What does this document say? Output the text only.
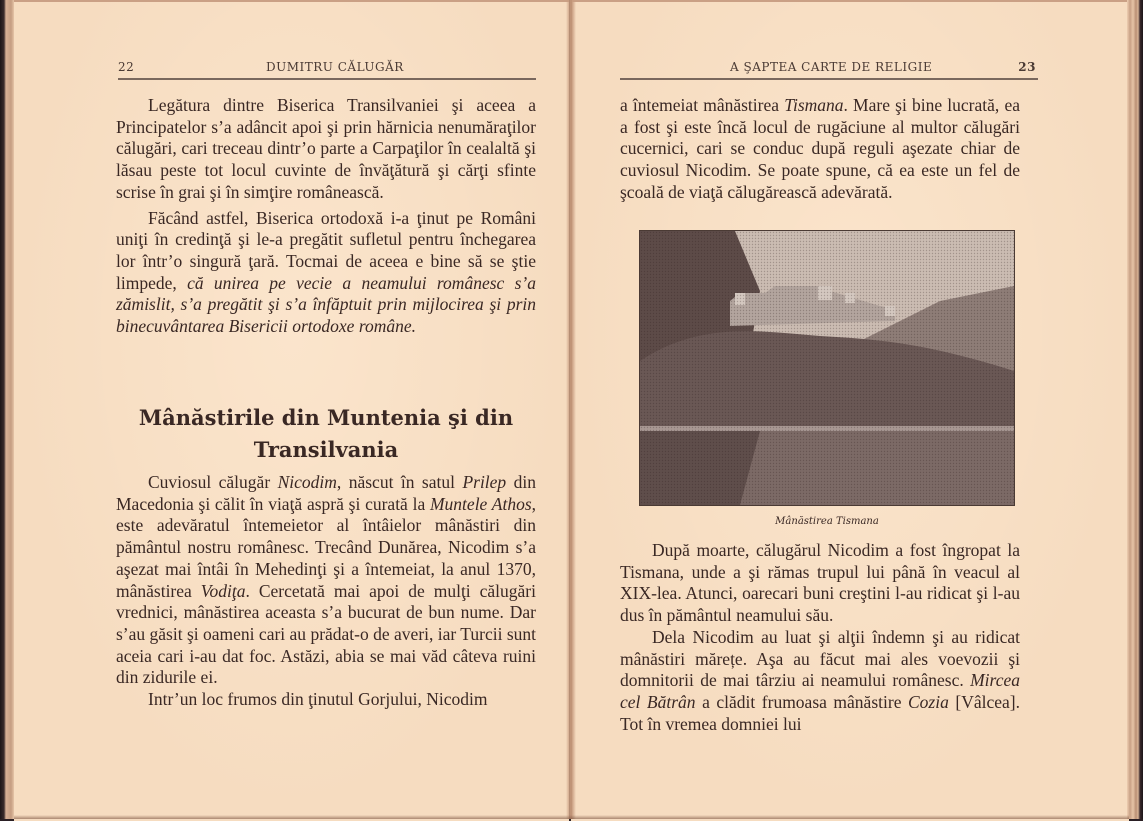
22	DUMITRU CĂLUGĂR	A ŞAPTEA CARTE DE RELIGIE	23

Legătura dintre Biserica Transilvaniei şi aceea a Principatelor s’a adâncit apoi şi prin hărnicia nenumăraţilor călugări, cari treceau dintr’o parte a Carpaţilor în cealaltă şi lăsau peste tot locul cuvinte de învăţătură şi cărţi sfinte scrise în grai şi în simţire românească.

Făcând astfel, Biserica ortodoxă i-a ţinut pe Români uniţi în credinţă şi le-a pregătit sufletul pentru închegarea lor într’o singură ţară. Tocmai de aceea e bine să se ştie limpede, că unirea pe vecie a neamului românesc s’a zămislit, s’a pregătit şi s’a înfăptuit prin mijlocirea şi prin binecuvântarea Bisericii ortodoxe române.

Mânăstirile din Muntenia şi din Transilvania

Cuviosul călugăr Nicodim, născut în satul Prilep din Macedonia şi călit în viaţă aspră şi curată la Muntele Athos, este adevăratul întemeietor al întâielor mânăstiri din pământul nostru românesc. Trecând Dunărea, Nicodim s’a aşezat mai întâi în Mehedinţi şi a întemeiat, la anul 1370, mânăstirea Vodiţa. Cercetată mai apoi de mulţi călugări vrednici, mânăstirea aceasta s’a bucurat de bun nume. Dar s’au găsit şi oameni cari au prădat-o de averi, iar Turcii sunt aceia cari i-au dat foc. Astăzi, abia se mai văd câteva ruini din zidurile ei.

Intr’un loc frumos din ţinutul Gorjului, Nicodim

a întemeiat mânăstirea Tismana. Mare şi bine lucrată, ea a fost şi este încă locul de rugăciune al multor călugări cucernici, cari se conduc după reguli aşezate chiar de cuviosul Nicodim. Se poate spune, că ea este un fel de şcoală de viaţă călugărească adevărată.

Mânăstirea Tismana

După moarte, călugărul Nicodim a fost îngropat la Tismana, unde a şi rămas trupul lui până în veacul al XIX-lea. Atunci, oarecari buni creştini l-au ridicat şi l-au dus în pământul neamului său.

Dela Nicodim au luat şi alţii îndemn şi au ridicat mânăstiri mărețe. Aşa au făcut mai ales voevozii şi domnitorii de mai târziu ai neamului românesc. Mircea cel Bătrân a clădit frumoasa mânăstire Cozia [Vâlcea]. Tot în vremea domniei lui
